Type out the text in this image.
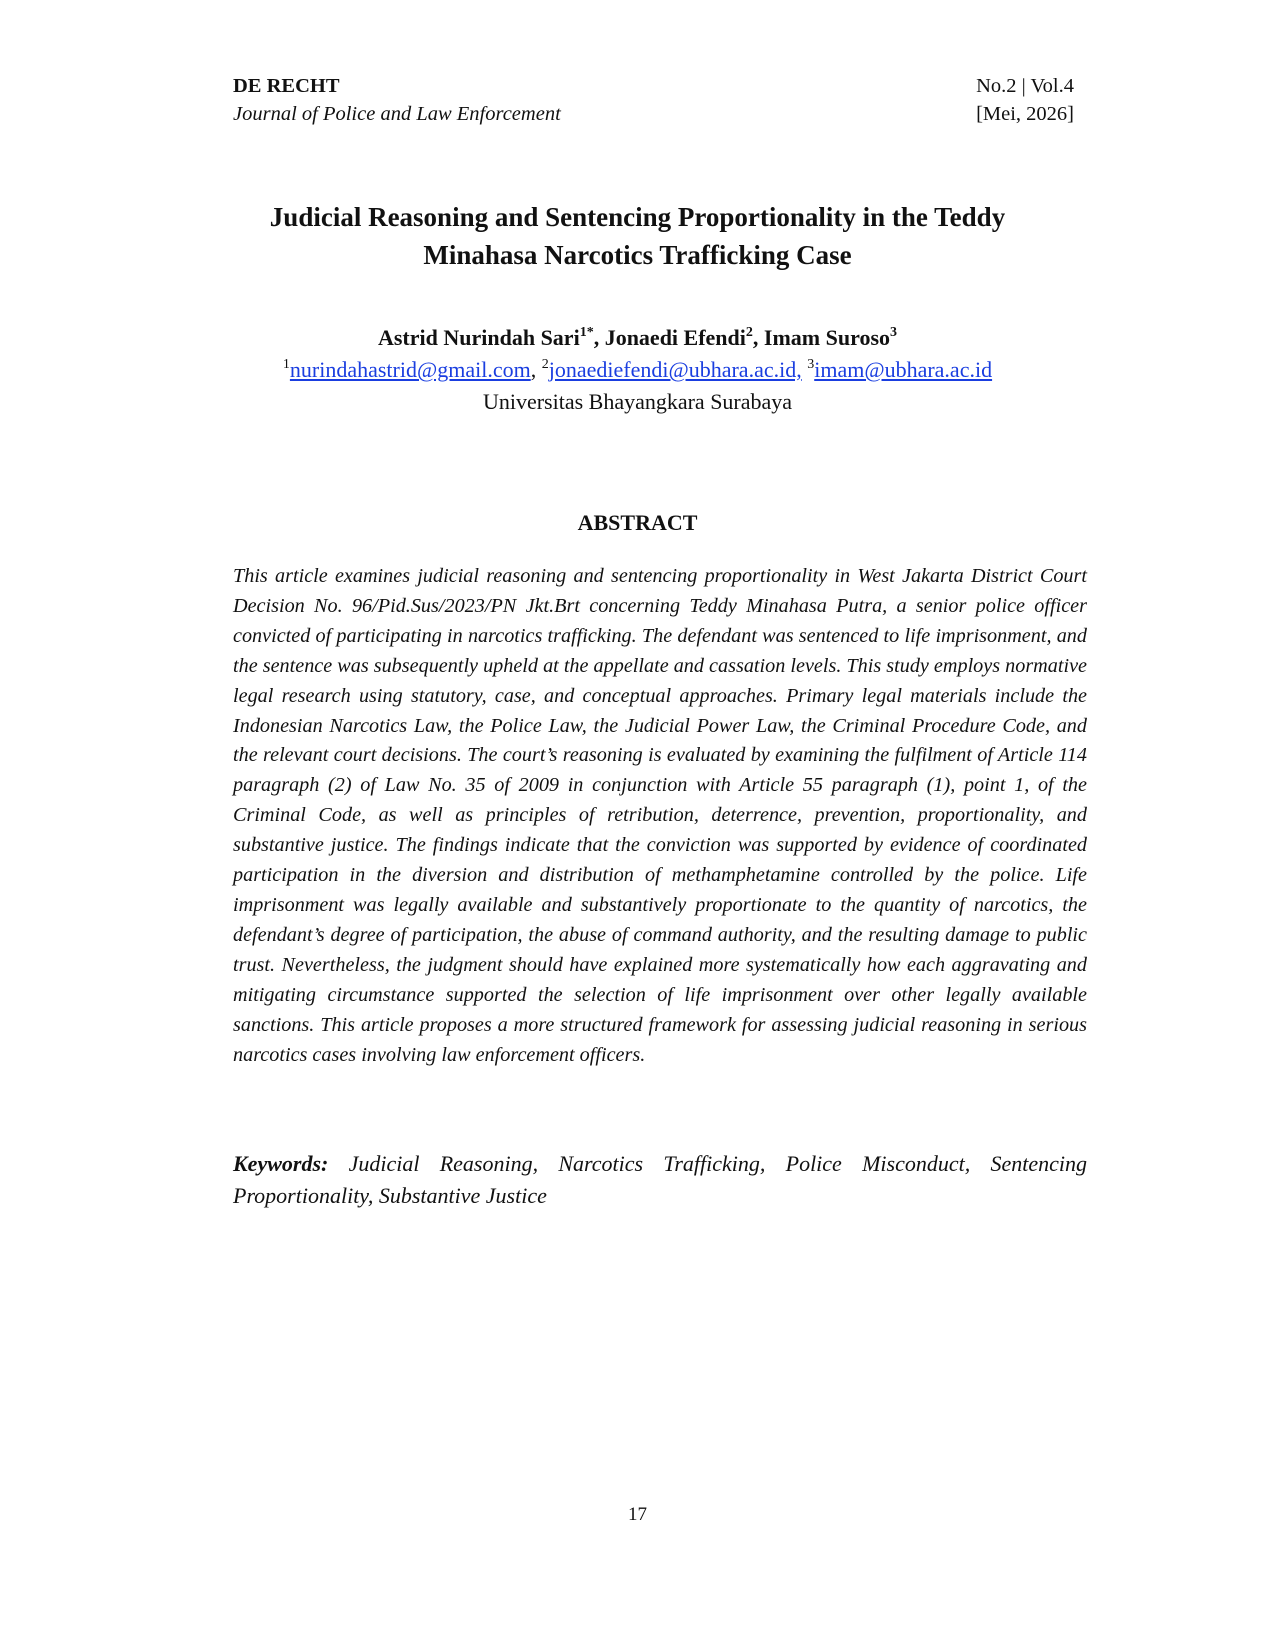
DE RECHT	No.2 | Vol.4
Journal of Police and Law Enforcement	[Mei, 2026]
Judicial Reasoning and Sentencing Proportionality in the Teddy
Minahasa Narcotics Trafficking Case
Astrid Nurindah Sari$^{1*}$, Jonaedi Efendi$^2$, Imam Suroso$^3$
$^1$nurindahastrid@gmail.com, $^2$jonaediefendi@ubhara.ac.id, $^3$imam@ubhara.ac.id
Universitas Bhayangkara Surabaya
ABSTRACT

This article examines judicial reasoning and sentencing proportionality in West Jakarta District Court Decision No. 96/Pid.Sus/2023/PN Jkt.Brt concerning Teddy Minahasa Putra, a senior police officer convicted of participating in narcotics trafficking. The defendant was sentenced to life imprisonment, and the sentence was subsequently upheld at the appellate and cassation levels. This study employs normative legal research using statutory, case, and conceptual approaches. Primary legal materials include the Indonesian Narcotics Law, the Police Law, the Judicial Power Law, the Criminal Procedure Code, and the relevant court decisions. The court’s reasoning is evaluated by examining the fulfilment of Article 114 paragraph (2) of Law No. 35 of 2009 in conjunction with Article 55 paragraph (1), point 1, of the Criminal Code, as well as principles of retribution, deterrence, prevention, proportionality, and substantive justice. The findings indicate that the conviction was supported by evidence of coordinated participation in the diversion and distribution of methamphetamine controlled by the police. Life imprisonment was legally available and substantively proportionate to the quantity of narcotics, the defendant’s degree of participation, the abuse of command authority, and the resulting damage to public trust. Nevertheless, the judgment should have explained more systematically how each aggravating and mitigating circumstance supported the selection of life imprisonment over other legally available sanctions. This article proposes a more structured framework for assessing judicial reasoning in serious narcotics cases involving law enforcement officers.

Keywords: Judicial Reasoning, Narcotics Trafficking, Police Misconduct, Sentencing Proportionality, Substantive Justice

17
